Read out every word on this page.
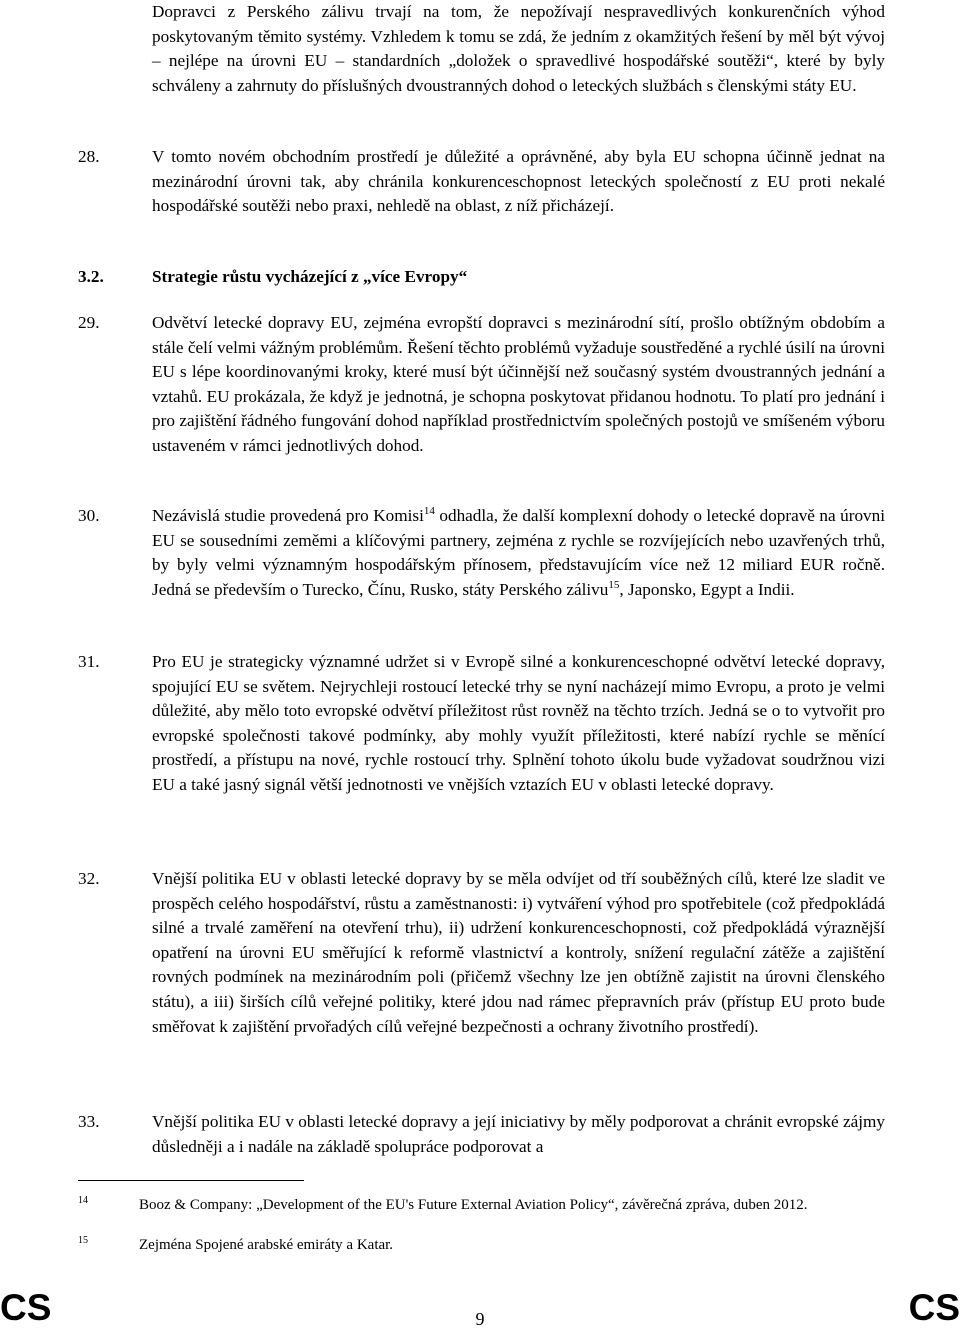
Dopravci z Perského zálivu trvají na tom, že nepožívají nespravedlivých konkurenčních výhod poskytovaným těmito systémy. Vzhledem k tomu se zdá, že jedním z okamžitých řešení by měl být vývoj – nejlépe na úrovni EU – standardních „doložek o spravedlivé hospodářské soutěži“, které by byly schváleny a zahrnuty do příslušných dvoustranných dohod o leteckých službách s členskými státy EU.
28.	V tomto novém obchodním prostředí je důležité a oprávněné, aby byla EU schopna účinně jednat na mezinárodní úrovni tak, aby chránila konkurenceschopnost leteckých společností z EU proti nekalé hospodářské soutěži nebo praxi, nehledě na oblast, z níž přicházejí.
3.2.	Strategie růstu vycházející z „více Evropy“
29.	Odvětví letecké dopravy EU, zejména evropští dopravci s mezinárodní sítí, prošlo obtížným obdobím a stále čelí velmi vážným problémům. Řešení těchto problémů vyžaduje soustředěné a rychlé úsilí na úrovni EU s lépe koordinovanými kroky, které musí být účinnější než současný systém dvoustranných jednání a vztahů. EU prokázala, že když je jednotná, je schopna poskytovat přidanou hodnotu. To platí pro jednání i pro zajištění řádného fungování dohod například prostřednictvím společných postojů ve smíšeném výboru ustaveném v rámci jednotlivých dohod.
30.	Nezávislá studie provedená pro Komisi$^{14}$ odhadla, že další komplexní dohody o letecké dopravě na úrovni EU se sousedními zeměmi a klíčovými partnery, zejména z rychle se rozvíjejících nebo uzavřených trhů, by byly velmi významným hospodářským přínosem, představujícím více než 12 miliard EUR ročně. Jedná se především o Turecko, Čínu, Rusko, státy Perského zálivu$^{15}$, Japonsko, Egypt a Indii.
31.	Pro EU je strategicky významné udržet si v Evropě silné a konkurenceschopné odvětví letecké dopravy, spojující EU se světem. Nejrychleji rostoucí letecké trhy se nyní nacházejí mimo Evropu, a proto je velmi důležité, aby mělo toto evropské odvětví příležitost růst rovněž na těchto trzích. Jedná se o to vytvořit pro evropské společnosti takové podmínky, aby mohly využít příležitosti, které nabízí rychle se měnící prostředí, a přístupu na nové, rychle rostoucí trhy. Splnění tohoto úkolu bude vyžadovat soudržnou vizi EU a také jasný signál větší jednotnosti ve vnějších vztazích EU v oblasti letecké dopravy.
32.	Vnější politika EU v oblasti letecké dopravy by se měla odvíjet od tří souběžných cílů, které lze sladit ve prospěch celého hospodářství, růstu a zaměstnanosti: i) vytváření výhod pro spotřebitele (což předpokládá silné a trvalé zaměření na otevření trhu), ii) udržení konkurenceschopnosti, což předpokládá výraznější opatření na úrovni EU směřující k reformě vlastnictví a kontroly, snížení regulační zátěže a zajištění rovných podmínek na mezinárodním poli (přičemž všechny lze jen obtížně zajistit na úrovni členského státu), a iii) širších cílů veřejné politiky, které jdou nad rámec přepravních práv (přístup EU proto bude směřovat k zajištění prvořadých cílů veřejné bezpečnosti a ochrany životního prostředí).
33.	Vnější politika EU v oblasti letecké dopravy a její iniciativy by měly podporovat a chránit evropské zájmy důsledněji a i nadále na základě spolupráce podporovat a
14	Booz & Company: „Development of the EU's Future External Aviation Policy“, závěrečná zpráva, duben 2012.
15	Zejména Spojené arabské emiráty a Katar.
CS	9	CS
